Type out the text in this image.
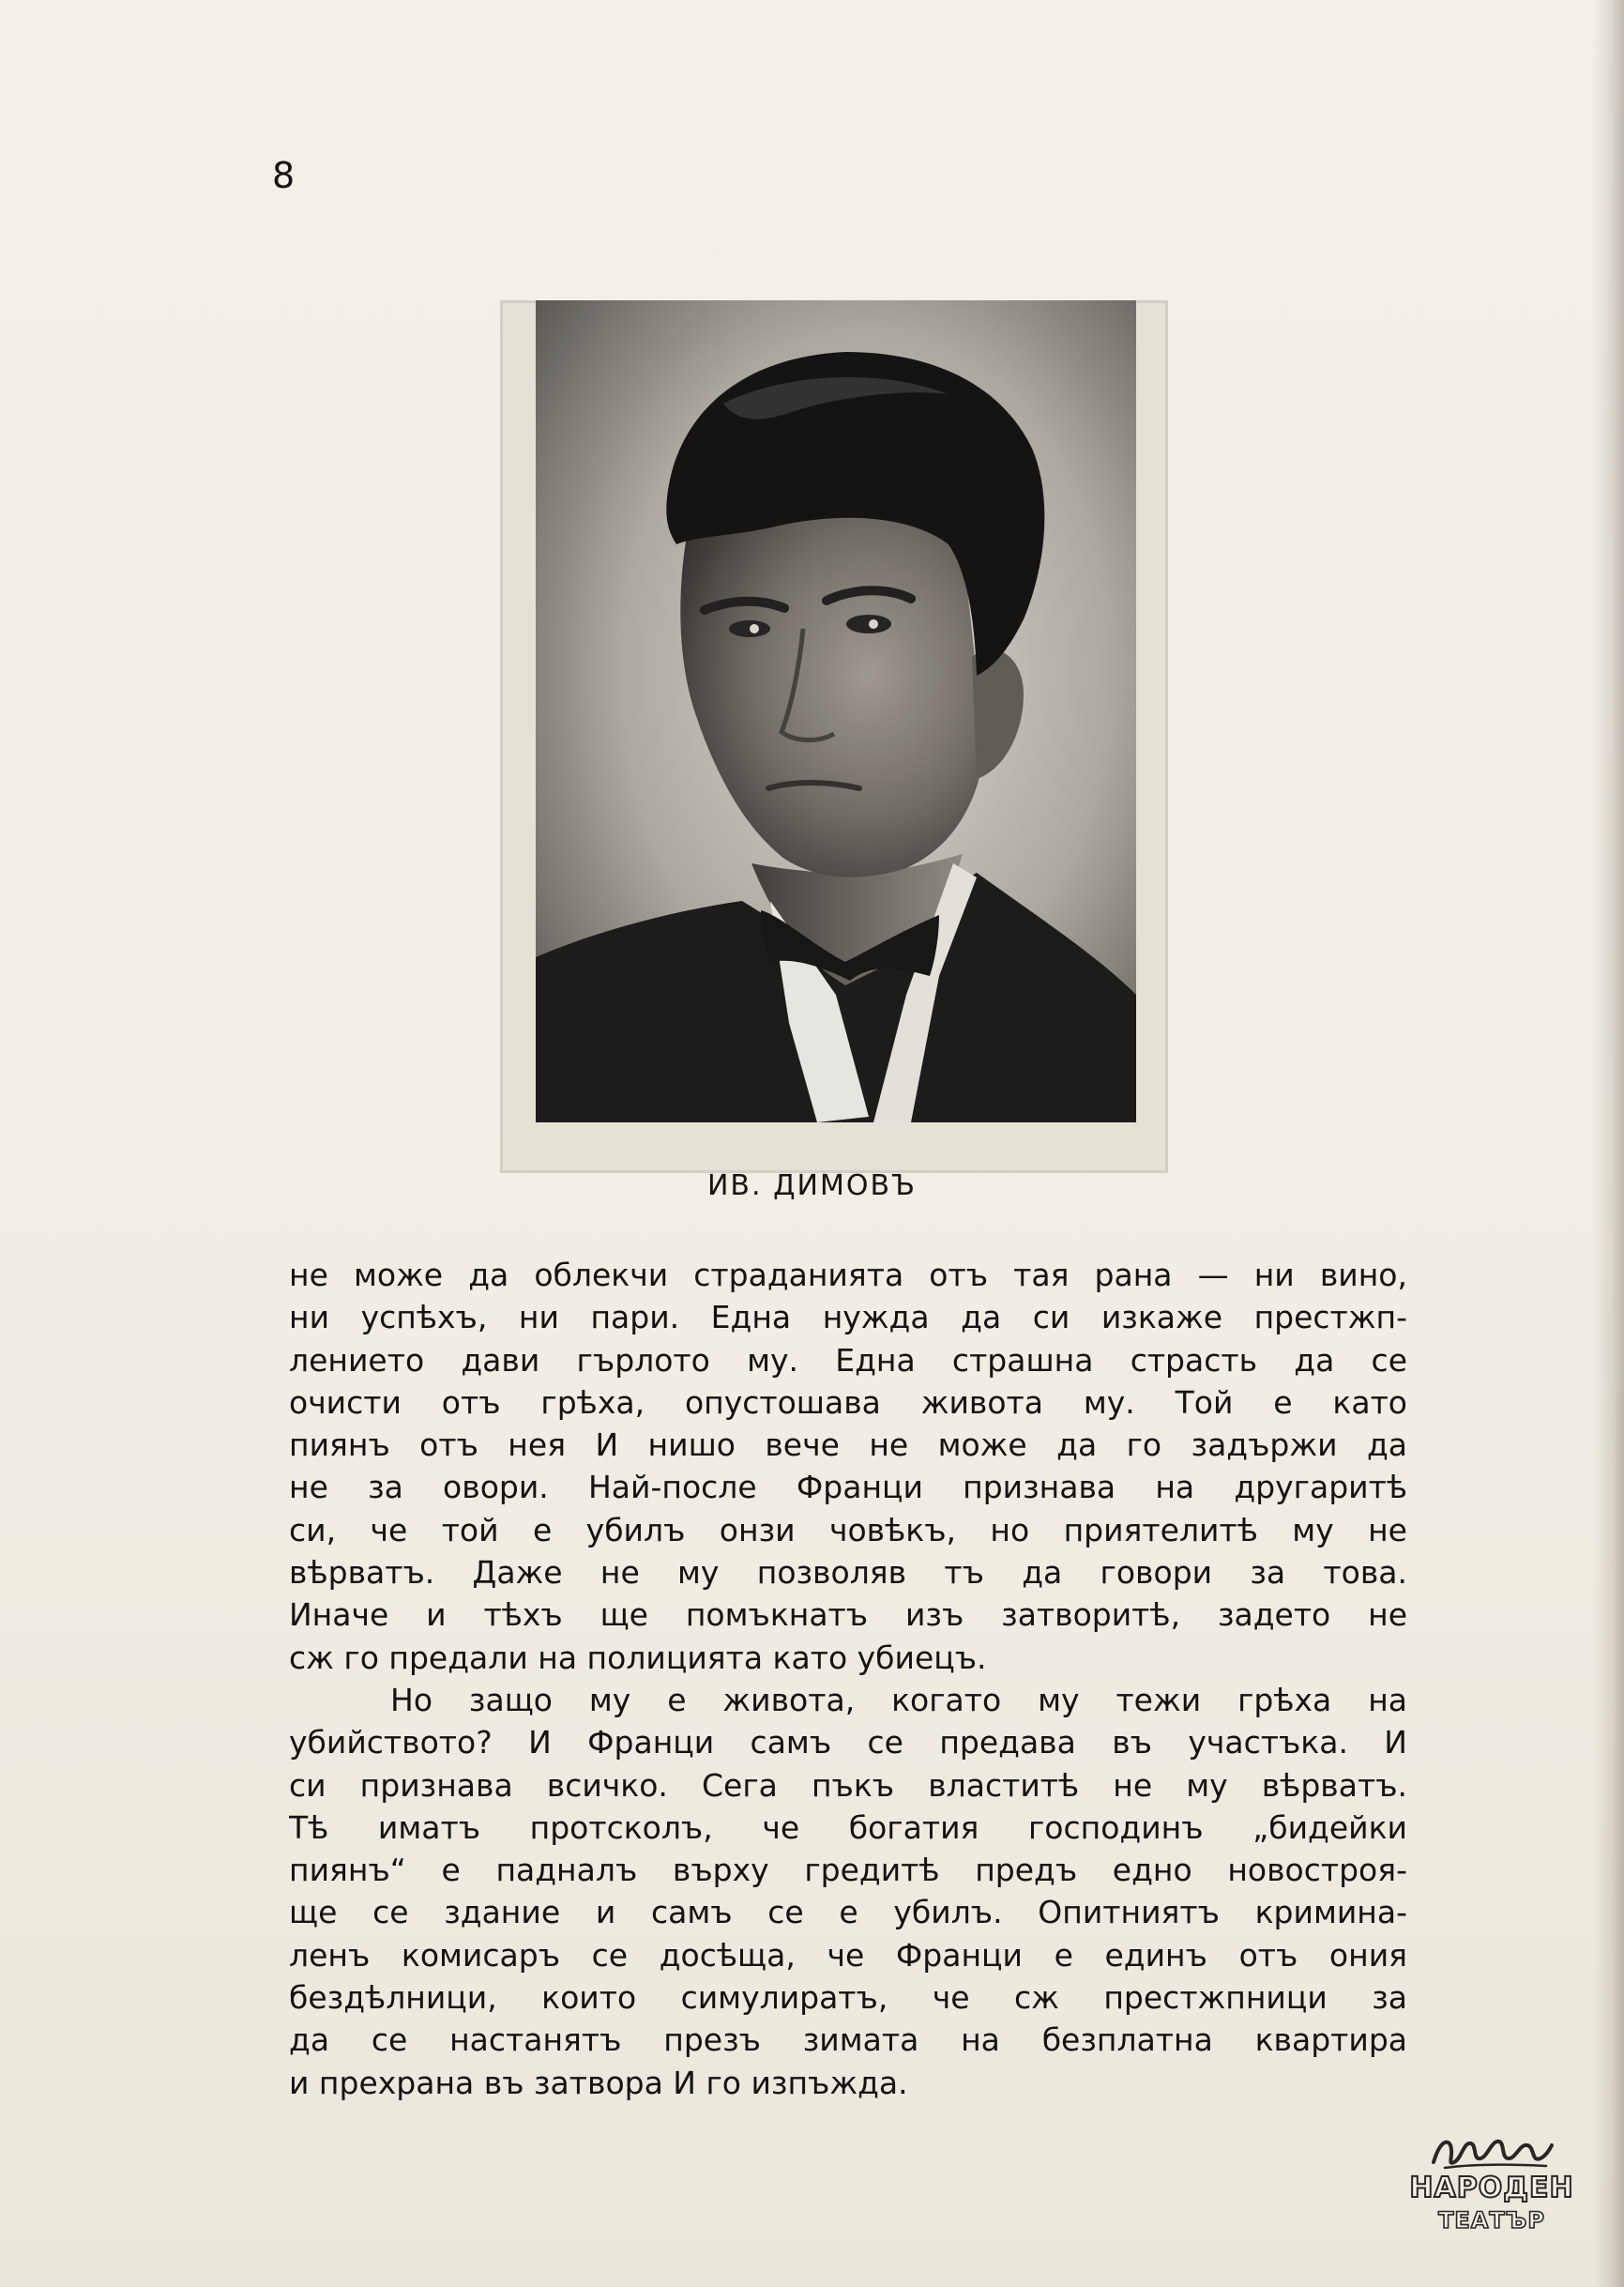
8
ИВ. ДИМОВЪ
не може да облекчи страданията отъ тая рана — ни вино,
ни успѣхъ, ни пари. Една нужда да си изкаже престжп-
лението дави гърлото му. Една страшна страсть да се
очисти отъ грѣха, опустошава живота му. Той е като
пиянъ отъ нея И нишо вече не може да го задържи да
не за овори. Най-после Франци признава на другаритѣ
си, че той е убилъ онзи човѣкъ, но приятелитѣ му не
вѣрватъ. Даже не му позволяв тъ да говори за това.
Иначе и тѣхъ ще помъкнатъ изъ затворитѣ, задето не
сж го предали на полицията като убиецъ.
Но защо му е живота, когато му тежи грѣха на
убийството? И Франци самъ се предава въ участъка. И
си признава всичко. Сега пъкъ властитѣ не му вѣрватъ.
Тѣ иматъ протсколъ, че богатия господинъ „бидейки
пиянъ“ е падналъ върху гредитѣ предъ едно новостроя-
ще се здание и самъ се е убилъ. Опитниятъ кримина-
ленъ комисаръ се досѣща, че Франци е единъ отъ ония
бездѣлници, които симулиратъ, че сж престжпници за
да се настанятъ презъ зимата на безплатна квартира
и прехрана въ затвора И го изпъжда.
НАРОДЕН
ТЕАТЪР
